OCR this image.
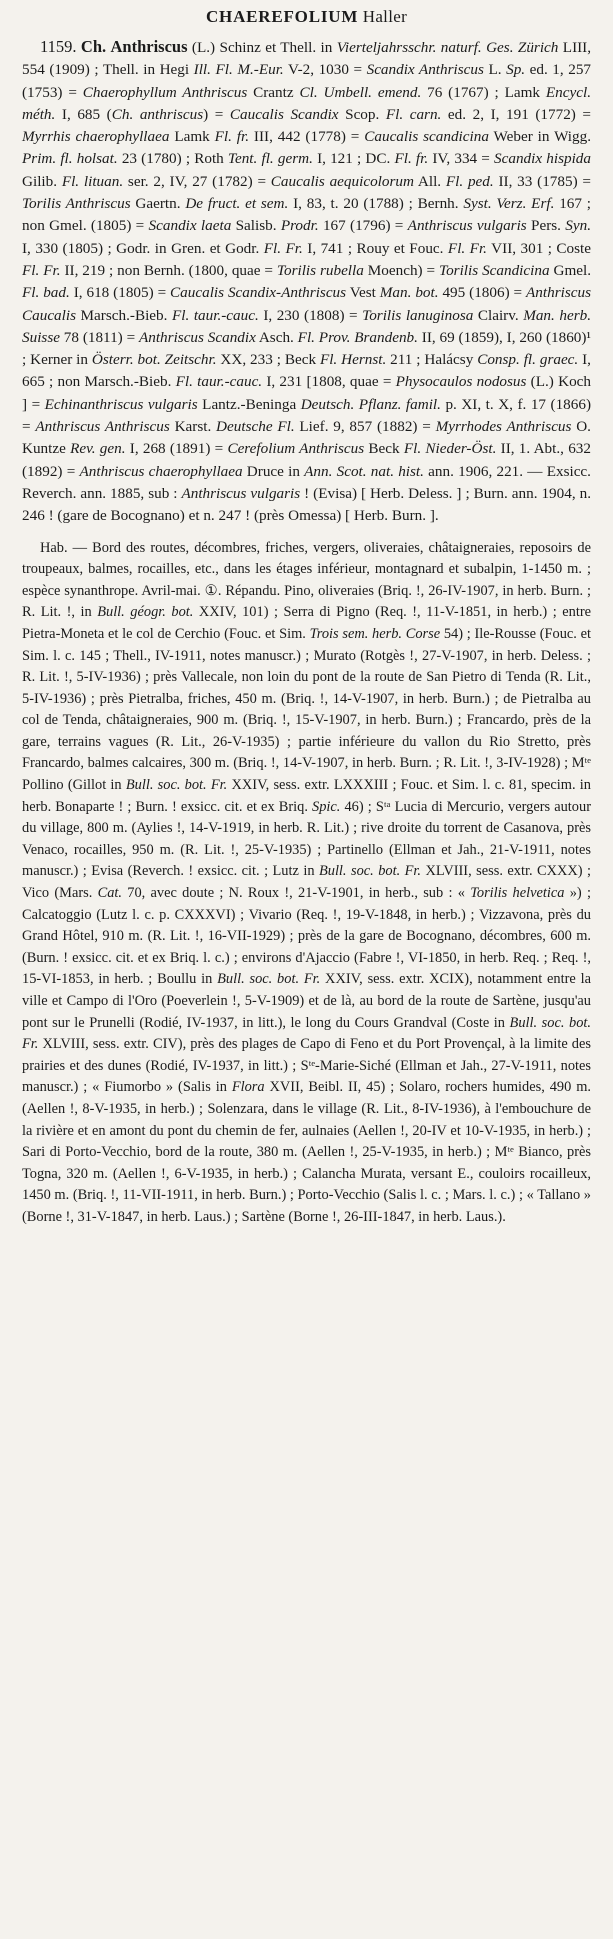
CHAEREFOLIUM Haller

1159. Ch. Anthriscus (L.) Schinz et Thell. in Vierteljahrsschr. naturf. Ges. Zürich LIII, 554 (1909) ; Thell. in Hegi Ill. Fl. M.-Eur. V-2, 1030 = Scandix Anthriscus L. Sp. ed. 1, 257 (1753) = Chaerophyllum Anthriscus Crantz Cl. Umbell. emend. 76 (1767) ; Lamk Encycl. méth. I, 685 (Ch. anthriscus) = Caucalis Scandix Scop. Fl. carn. ed. 2, I, 191 (1772) = Myrrhis chaerophyllaea Lamk Fl. fr. III, 442 (1778) = Caucalis scandicina Weber in Wigg. Prim. fl. holsat. 23 (1780) ; Roth Tent. fl. germ. I, 121 ; DC. Fl. fr. IV, 334 = Scandix hispida Gilib. Fl. lituan. ser. 2, IV, 27 (1782) = Caucalis aequicolorum All. Fl. ped. II, 33 (1785) = Torilis Anthriscus Gaertn. De fruct. et sem. I, 83, t. 20 (1788) ; Bernh. Syst. Verz. Erf. 167 ; non Gmel. (1805) = Scandix laeta Salisb. Prodr. 167 (1796) = Anthriscus vulgaris Pers. Syn. I, 330 (1805) ; Godr. in Gren. et Godr. Fl. Fr. I, 741 ; Rouy et Fouc. Fl. Fr. VII, 301 ; Coste Fl. Fr. II, 219 ; non Bernh. (1800, quae = Torilis rubella Moench) = Torilis Scandicina Gmel. Fl. bad. I, 618 (1805) = Caucalis Scandix-Anthriscus Vest Man. bot. 495 (1806) = Anthriscus Caucalis Marsch.-Bieb. Fl. taur.-cauc. I, 230 (1808) = Torilis lanuginosa Clairv. Man. herb. Suisse 78 (1811) = Anthriscus Scandix Asch. Fl. Prov. Brandenb. II, 69 (1859), I, 260 (1860)¹ ; Kerner in Österr. bot. Zeitschr. XX, 233 ; Beck Fl. Hernst. 211 ; Halácsy Consp. fl. graec. I, 665 ; non Marsch.-Bieb. Fl. taur.-cauc. I, 231 [1808, quae = Physocaulos nodosus (L.) Koch ] = Echinanthriscus vulgaris Lantz.-Beninga Deutsch. Pflanz. famil. p. XI, t. X, f. 17 (1866) = Anthriscus Anthriscus Karst. Deutsche Fl. Lief. 9, 857 (1882) = Myrrhodes Anthriscus O. Kuntze Rev. gen. I, 268 (1891) = Cerefolium Anthriscus Beck Fl. Nieder-Öst. II, 1. Abt., 632 (1892) = Anthriscus chaerophyllaea Druce in Ann. Scot. nat. hist. ann. 1906, 221. — Exsicc. Reverch. ann. 1885, sub : Anthriscus vulgaris ! (Evisa) [ Herb. Deless. ] ; Burn. ann. 1904, n. 246 ! (gare de Bocognano) et n. 247 ! (près Omessa) [ Herb. Burn. ].

Hab. — Bord des routes, décombres, friches, vergers, oliveraies, châtaigneraies, reposoirs de troupeaux, balmes, rocailles, etc., dans les étages inférieur, montagnard et subalpin, 1-1450 m. ; espèce synanthrope. Avril-mai. ①. Répandu. Pino, oliveraies (Briq. !, 26-IV-1907, in herb. Burn. ; R. Lit. !, in Bull. géogr. bot. XXIV, 101) ; Serra di Pigno (Req. !, 11-V-1851, in herb.) ; entre Pietra-Moneta et le col de Cerchio (Fouc. et Sim. Trois sem. herb. Corse 54) ; Ile-Rousse (Fouc. et Sim. l. c. 145 ; Thell., IV-1911, notes manuscr.) ; Murato (Rotgès !, 27-V-1907, in herb. Deless. ; R. Lit. !, 5-IV-1936) ; près Vallecale, non loin du pont de la route de San Pietro di Tenda (R. Lit., 5-IV-1936) ; près Pietralba, friches, 450 m. (Briq. !, 14-V-1907, in herb. Burn.) ; de Pietralba au col de Tenda, châtaigneraies, 900 m. (Briq. !, 15-V-1907, in herb. Burn.) ; Francardo, près de la gare, terrains vagues (R. Lit., 26-V-1935) ; partie inférieure du vallon du Rio Stretto, près Francardo, balmes calcaires, 300 m. (Briq. !, 14-V-1907, in herb. Burn. ; R. Lit. !, 3-IV-1928) ; Mᵗᵉ Pollino (Gillot in Bull. soc. bot. Fr. XXIV, sess. extr. LXXXIII ; Fouc. et Sim. l. c. 81, specim. in herb. Bonaparte ! ; Burn. ! exsicc. cit. et ex Briq. Spic. 46) ; Sᵗᵃ Lucia di Mercurio, vergers autour du village, 800 m. (Aylies !, 14-V-1919, in herb. R. Lit.) ; rive droite du torrent de Casanova, près Venaco, rocailles, 950 m. (R. Lit. !, 25-V-1935) ; Partinello (Ellman et Jah., 21-V-1911, notes manuscr.) ; Evisa (Reverch. ! exsicc. cit. ; Lutz in Bull. soc. bot. Fr. XLVIII, sess. extr. CXXX) ; Vico (Mars. Cat. 70, avec doute ; N. Roux !, 21-V-1901, in herb., sub : « Torilis helvetica ») ; Calcatoggio (Lutz l. c. p. CXXXVI) ; Vivario (Req. !, 19-V-1848, in herb.) ; Vizzavona, près du Grand Hôtel, 910 m. (R. Lit. !, 16-VII-1929) ; près de la gare de Bocognano, décombres, 600 m. (Burn. ! exsicc. cit. et ex Briq. l. c.) ; environs d'Ajaccio (Fabre !, VI-1850, in herb. Req. ; Req. !, 15-VI-1853, in herb. ; Boullu in Bull. soc. bot. Fr. XXIV, sess. extr. XCIX), notamment entre la ville et Campo di l'Oro (Poeverlein !, 5-V-1909) et de là, au bord de la route de Sartène, jusqu'au pont sur le Prunelli (Rodié, IV-1937, in litt.), le long du Cours Grandval (Coste in Bull. soc. bot. Fr. XLVIII, sess. extr. CIV), près des plages de Capo di Feno et du Port Provençal, à la limite des prairies et des dunes (Rodié, IV-1937, in litt.) ; Sᵗᵉ-Marie-Siché (Ellman et Jah., 27-V-1911, notes manuscr.) ; « Fiumorbo » (Salis in Flora XVII, Beibl. II, 45) ; Solaro, rochers humides, 490 m. (Aellen !, 8-V-1935, in herb.) ; Solenzara, dans le village (R. Lit., 8-IV-1936), à l'embouchure de la rivière et en amont du pont du chemin de fer, aulnaies (Aellen !, 20-IV et 10-V-1935, in herb.) ; Sari di Porto-Vecchio, bord de la route, 380 m. (Aellen !, 25-V-1935, in herb.) ; Mᵗᵉ Bianco, près Togna, 320 m. (Aellen !, 6-V-1935, in herb.) ; Calancha Murata, versant E., couloirs rocailleux, 1450 m. (Briq. !, 11-VII-1911, in herb. Burn.) ; Porto-Vecchio (Salis l. c. ; Mars. l. c.) ; « Tallano » (Borne !, 31-V-1847, in herb. Laus.) ; Sartène (Borne !, 26-III-1847, in herb. Laus.).
